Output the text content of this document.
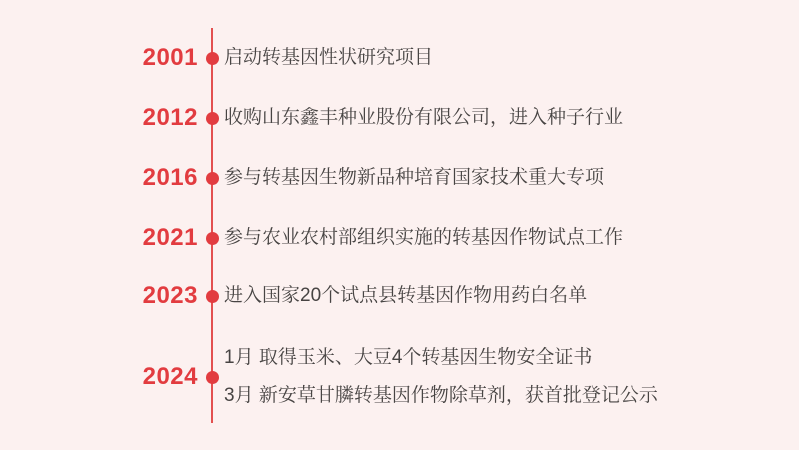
2001 启动转基因性状研究项目
2012 收购山东鑫丰种业股份有限公司，进入种子行业
2016 参与转基因生物新品种培育国家技术重大专项
2021 参与农业农村部组织实施的转基因作物试点工作
2023 进入国家20个试点县转基因作物用药白名单
2024
1月 取得玉米、大豆4个转基因生物安全证书
3月 新安草甘膦转基因作物除草剂，获首批登记公示
